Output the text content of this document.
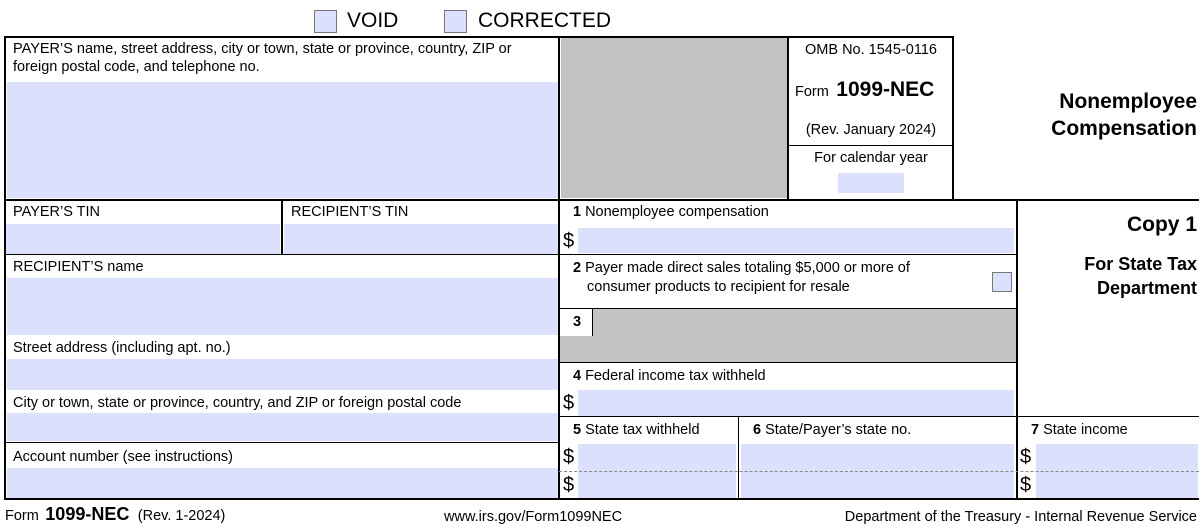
VOID	CORRECTED
PAYER’S name, street address, city or town, state or province, country, ZIP or foreign postal code, and telephone no.
OMB No. 1545-0116
Form 1099-NEC
(Rev. January 2024)
For calendar year
Nonemployee
Compensation
PAYER’S TIN	RECIPIENT’S TIN
RECIPIENT’S name
Street address (including apt. no.)
City or town, state or province, country, and ZIP or foreign postal code
Account number (see instructions)
1 Nonemployee compensation
$
2 Payer made direct sales totaling $5,000 or more of
consumer products to recipient for resale
3
4 Federal income tax withheld
$
5 State tax withheld	6 State/Payer’s state no.	7 State income
$
$
$
$
Copy 1
For State Tax
Department
Form 1099-NEC (Rev. 1-2024)	www.irs.gov/Form1099NEC	Department of the Treasury - Internal Revenue Service
